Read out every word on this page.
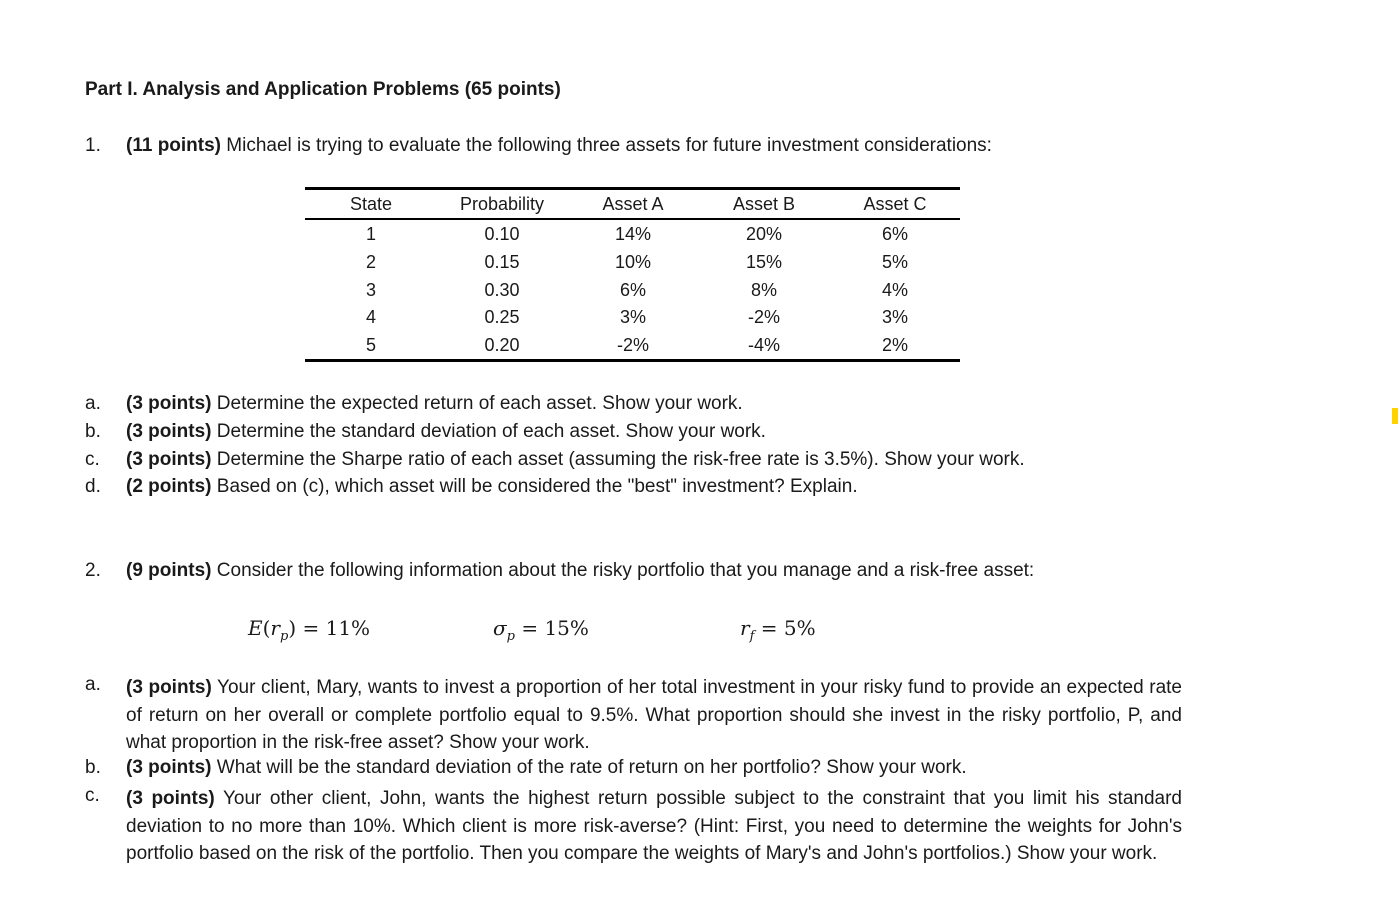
Part I. Analysis and Application Problems (65 points)
1. (11 points) Michael is trying to evaluate the following three assets for future investment considerations:
State	Probability	Asset A	Asset B	Asset C
1	0.10	14%	20%	6%
2	0.15	10%	15%	5%
3	0.30	6%	8%	4%
4	0.25	3%	-2%	3%
5	0.20	-2%	-4%	2%
a. (3 points) Determine the expected return of each asset. Show your work.
b. (3 points) Determine the standard deviation of each asset. Show your work.
c. (3 points) Determine the Sharpe ratio of each asset (assuming the risk-free rate is 3.5%). Show your work.
d. (2 points) Based on (c), which asset will be considered the "best" investment? Explain.
2. (9 points) Consider the following information about the risky portfolio that you manage and a risk-free asset:
$E(r_p) = 11\%$	$\sigma_p = 15\%$	$r_f = 5\%$
a. (3 points) Your client, Mary, wants to invest a proportion of her total investment in your risky fund to provide an expected rate of return on her overall or complete portfolio equal to 9.5%. What proportion should she invest in the risky portfolio, P, and what proportion in the risk-free asset? Show your work.
b. (3 points) What will be the standard deviation of the rate of return on her portfolio? Show your work.
c. (3 points) Your other client, John, wants the highest return possible subject to the constraint that you limit his standard deviation to no more than 10%. Which client is more risk-averse? (Hint: First, you need to determine the weights for John's portfolio based on the risk of the portfolio. Then you compare the weights of Mary's and John's portfolios.) Show your work.
